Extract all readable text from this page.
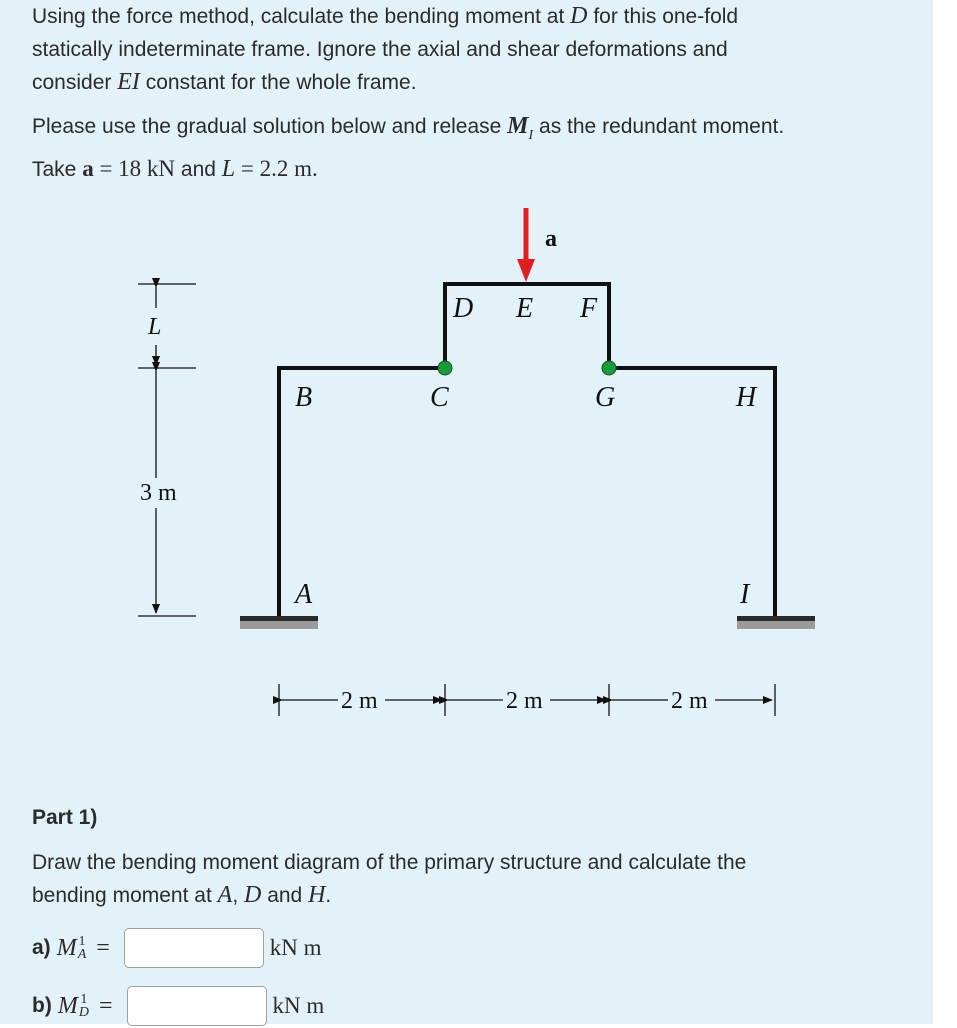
Using the force method, calculate the bending moment at D for this one-fold
statically indeterminate frame. Ignore the axial and shear deformations and
consider EI constant for the whole frame.
Please use the gradual solution below and release $M_I$ as the redundant moment.
Take a = 18 kN and L = 2.2 m.
a
D E F
B	C	G	H
A	I
L
3 m
2 m	2 m	2 m
Part 1)
Draw the bending moment diagram of the primary structure and calculate the
bending moment at A, D and H.
a) M 1
A =	kN m
b) M 1
D =	kN m
